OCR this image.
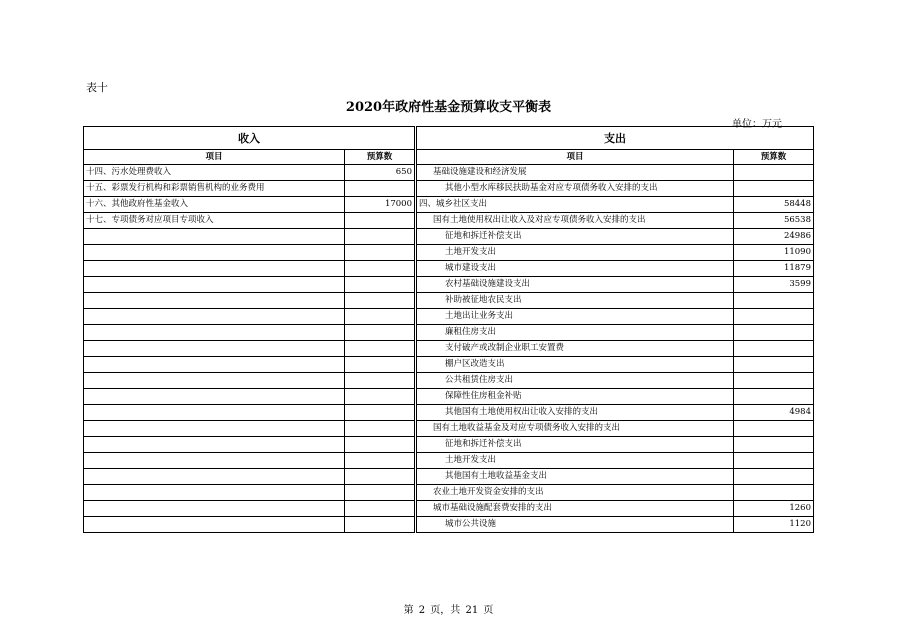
表十
2020年政府性基金预算收支平衡表
单位：万元
收入			支出	
项目	预算数		项目	预算数
十四、污水处理费收入	650		基础设施建设和经济发展	
十五、彩票发行机构和彩票销售机构的业务费用			其他小型水库移民扶助基金对应专项债务收入安排的支出	
十六、其他政府性基金收入	17000		四、城乡社区支出	58448
十七、专项债务对应项目专项收入			国有土地使用权出让收入及对应专项债务收入安排的支出	56538
			征地和拆迁补偿支出	24986
			土地开发支出	11090
			城市建设支出	11879
			农村基础设施建设支出	3599
			补助被征地农民支出	
			土地出让业务支出	
			廉租住房支出	
			支付破产或改制企业职工安置费	
			棚户区改造支出	
			公共租赁住房支出	
			保障性住房租金补贴	
			其他国有土地使用权出让收入安排的支出	4984
			国有土地收益基金及对应专项债务收入安排的支出	
			征地和拆迁补偿支出	
			土地开发支出	
			其他国有土地收益基金支出	
			农业土地开发资金安排的支出	
			城市基础设施配套费安排的支出	1260
			城市公共设施	1120
第 2 页，共 21 页
